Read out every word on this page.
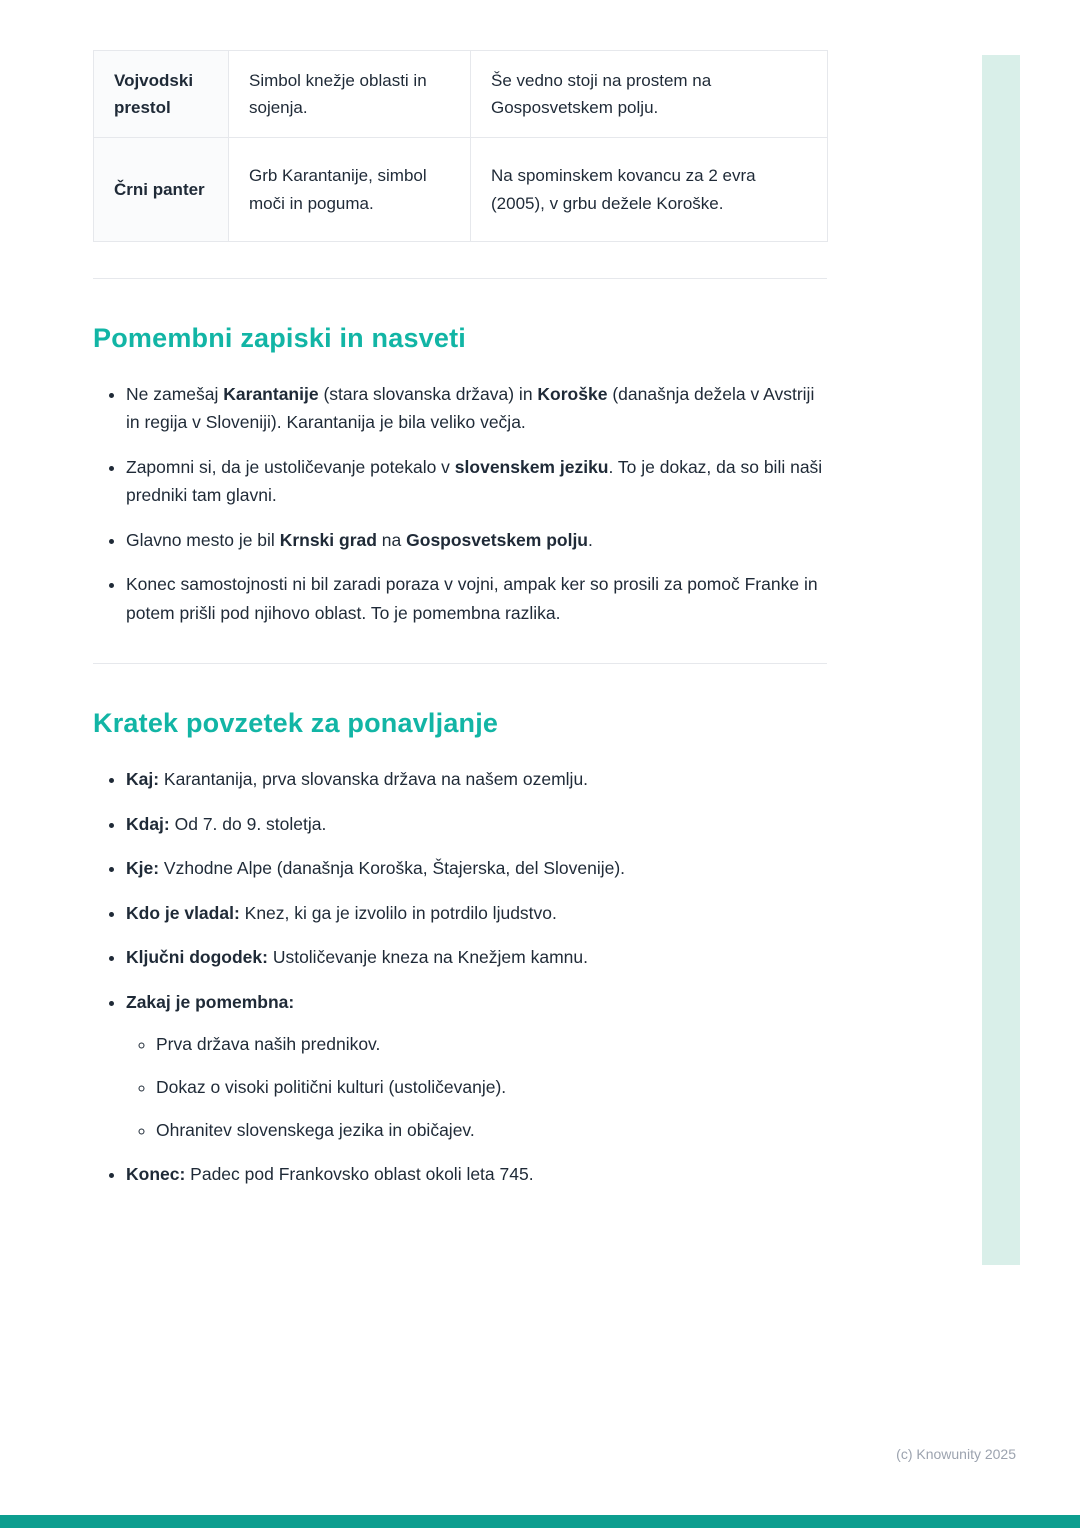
Vojvodski prestol	Simbol knežje oblasti in sojenja.	Še vedno stoji na prostem na Gosposvetskem polju.
Črni panter	Grb Karantanije, simbol moči in poguma.	Na spominskem kovancu za 2 evra (2005), v grbu dežele Koroške.
Pomembni zapiski in nasveti
• Ne zamešaj Karantanije (stara slovanska država) in Koroške (današnja dežela v Avstriji in regija v Sloveniji). Karantanija je bila veliko večja.
• Zapomni si, da je ustoličevanje potekalo v slovenskem jeziku. To je dokaz, da so bili naši predniki tam glavni.
• Glavno mesto je bil Krnski grad na Gosposvetskem polju.
• Konec samostojnosti ni bil zaradi poraza v vojni, ampak ker so prosili za pomoč Franke in potem prišli pod njihovo oblast. To je pomembna razlika.
Kratek povzetek za ponavljanje
• Kaj: Karantanija, prva slovanska država na našem ozemlju.
• Kdaj: Od 7. do 9. stoletja.
• Kje: Vzhodne Alpe (današnja Koroška, Štajerska, del Slovenije).
• Kdo je vladal: Knez, ki ga je izvolilo in potrdilo ljudstvo.
• Ključni dogodek: Ustoličevanje kneza na Knežjem kamnu.
• Zakaj je pomembna:
◦ Prva država naših prednikov.
◦ Dokaz o visoki politični kulturi (ustoličevanje).
◦ Ohranitev slovenskega jezika in običajev.
• Konec: Padec pod Frankovsko oblast okoli leta 745.
(c) Knowunity 2025
